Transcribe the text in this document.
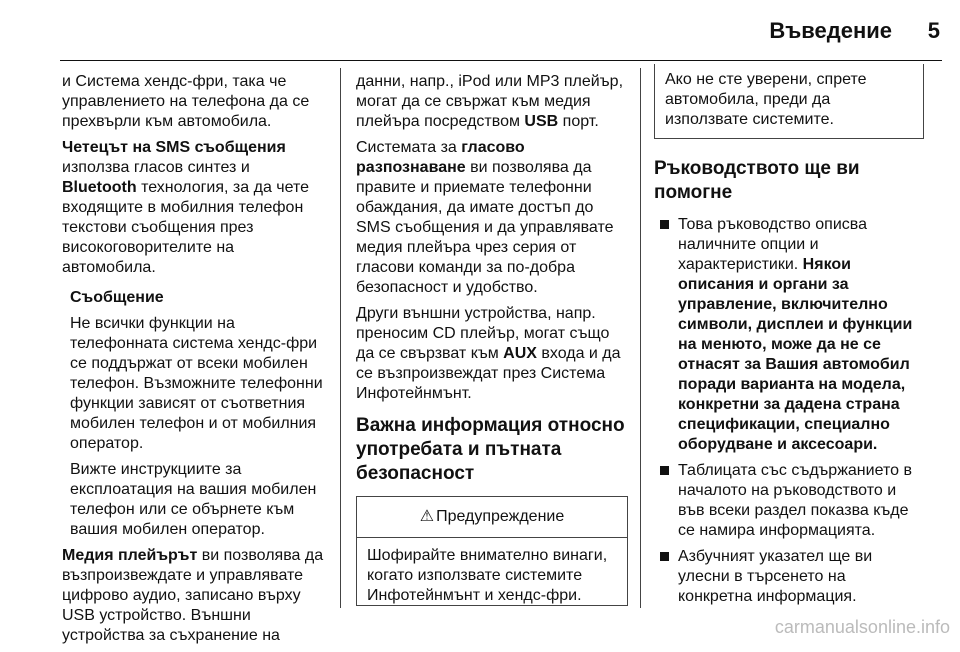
Въведение 5

и Система хендс-фри, така че управлението на телефона да се прехвърли към автомобила.

Четецът на SMS съобщения използва гласов синтез и Bluetooth технология, за да чете входящите в мобилния телефон текстови съобщения през високоговорителите на автомобила.

Съобщение

Не всички функции на телефонната система хендс-фри се поддържат от всеки мобилен телефон. Възможните телефонни функции зависят от съответния мобилен телефон и от мобилния оператор.

Вижте инструкциите за експлоатация на вашия мобилен телефон или се обърнете към вашия мобилен оператор.

Медия плейърът ви позволява да възпроизвеждате и управлявате цифрово аудио, записано върху USB устройство. Външни устройства за съхранение на

данни, напр., iPod или MP3 плейър, могат да се свържат към медия плейъра посредством USB порт.

Системата за гласово разпознаване ви позволява да правите и приемате телефонни обаждания, да имате достъп до SMS съобщения и да управлявате медия плейъра чрез серия от гласови команди за по-добра безопасност и удобство.

Други външни устройства, напр. преносим CD плейър, могат също да се свързват към AUX входа и да се възпроизвеждат през Система Инфотейнмънт.

Важна информация относно употребата и пътната безопасност
⚠ Предупреждение
Шофирайте внимателно винаги, когато използвате системите Инфотейнмънт и хендс-фри.
Ако не сте уверени, спрете автомобила, преди да използвате системите.
Ръководството ще ви помогне

Това ръководство описва наличните опции и характеристики. Някои описания и органи за управление, включително символи, дисплеи и функции на менюто, може да не се отнасят за Вашия автомобил поради варианта на модела, конкретни за дадена страна спецификации, специално оборудване и аксесоари.

Таблицата със съдържанието в началото на ръководството и във всеки раздел показва къде се намира информацията.

Азбучният указател ще ви улесни в търсенето на конкретна информация.

carmanualsonline.info
